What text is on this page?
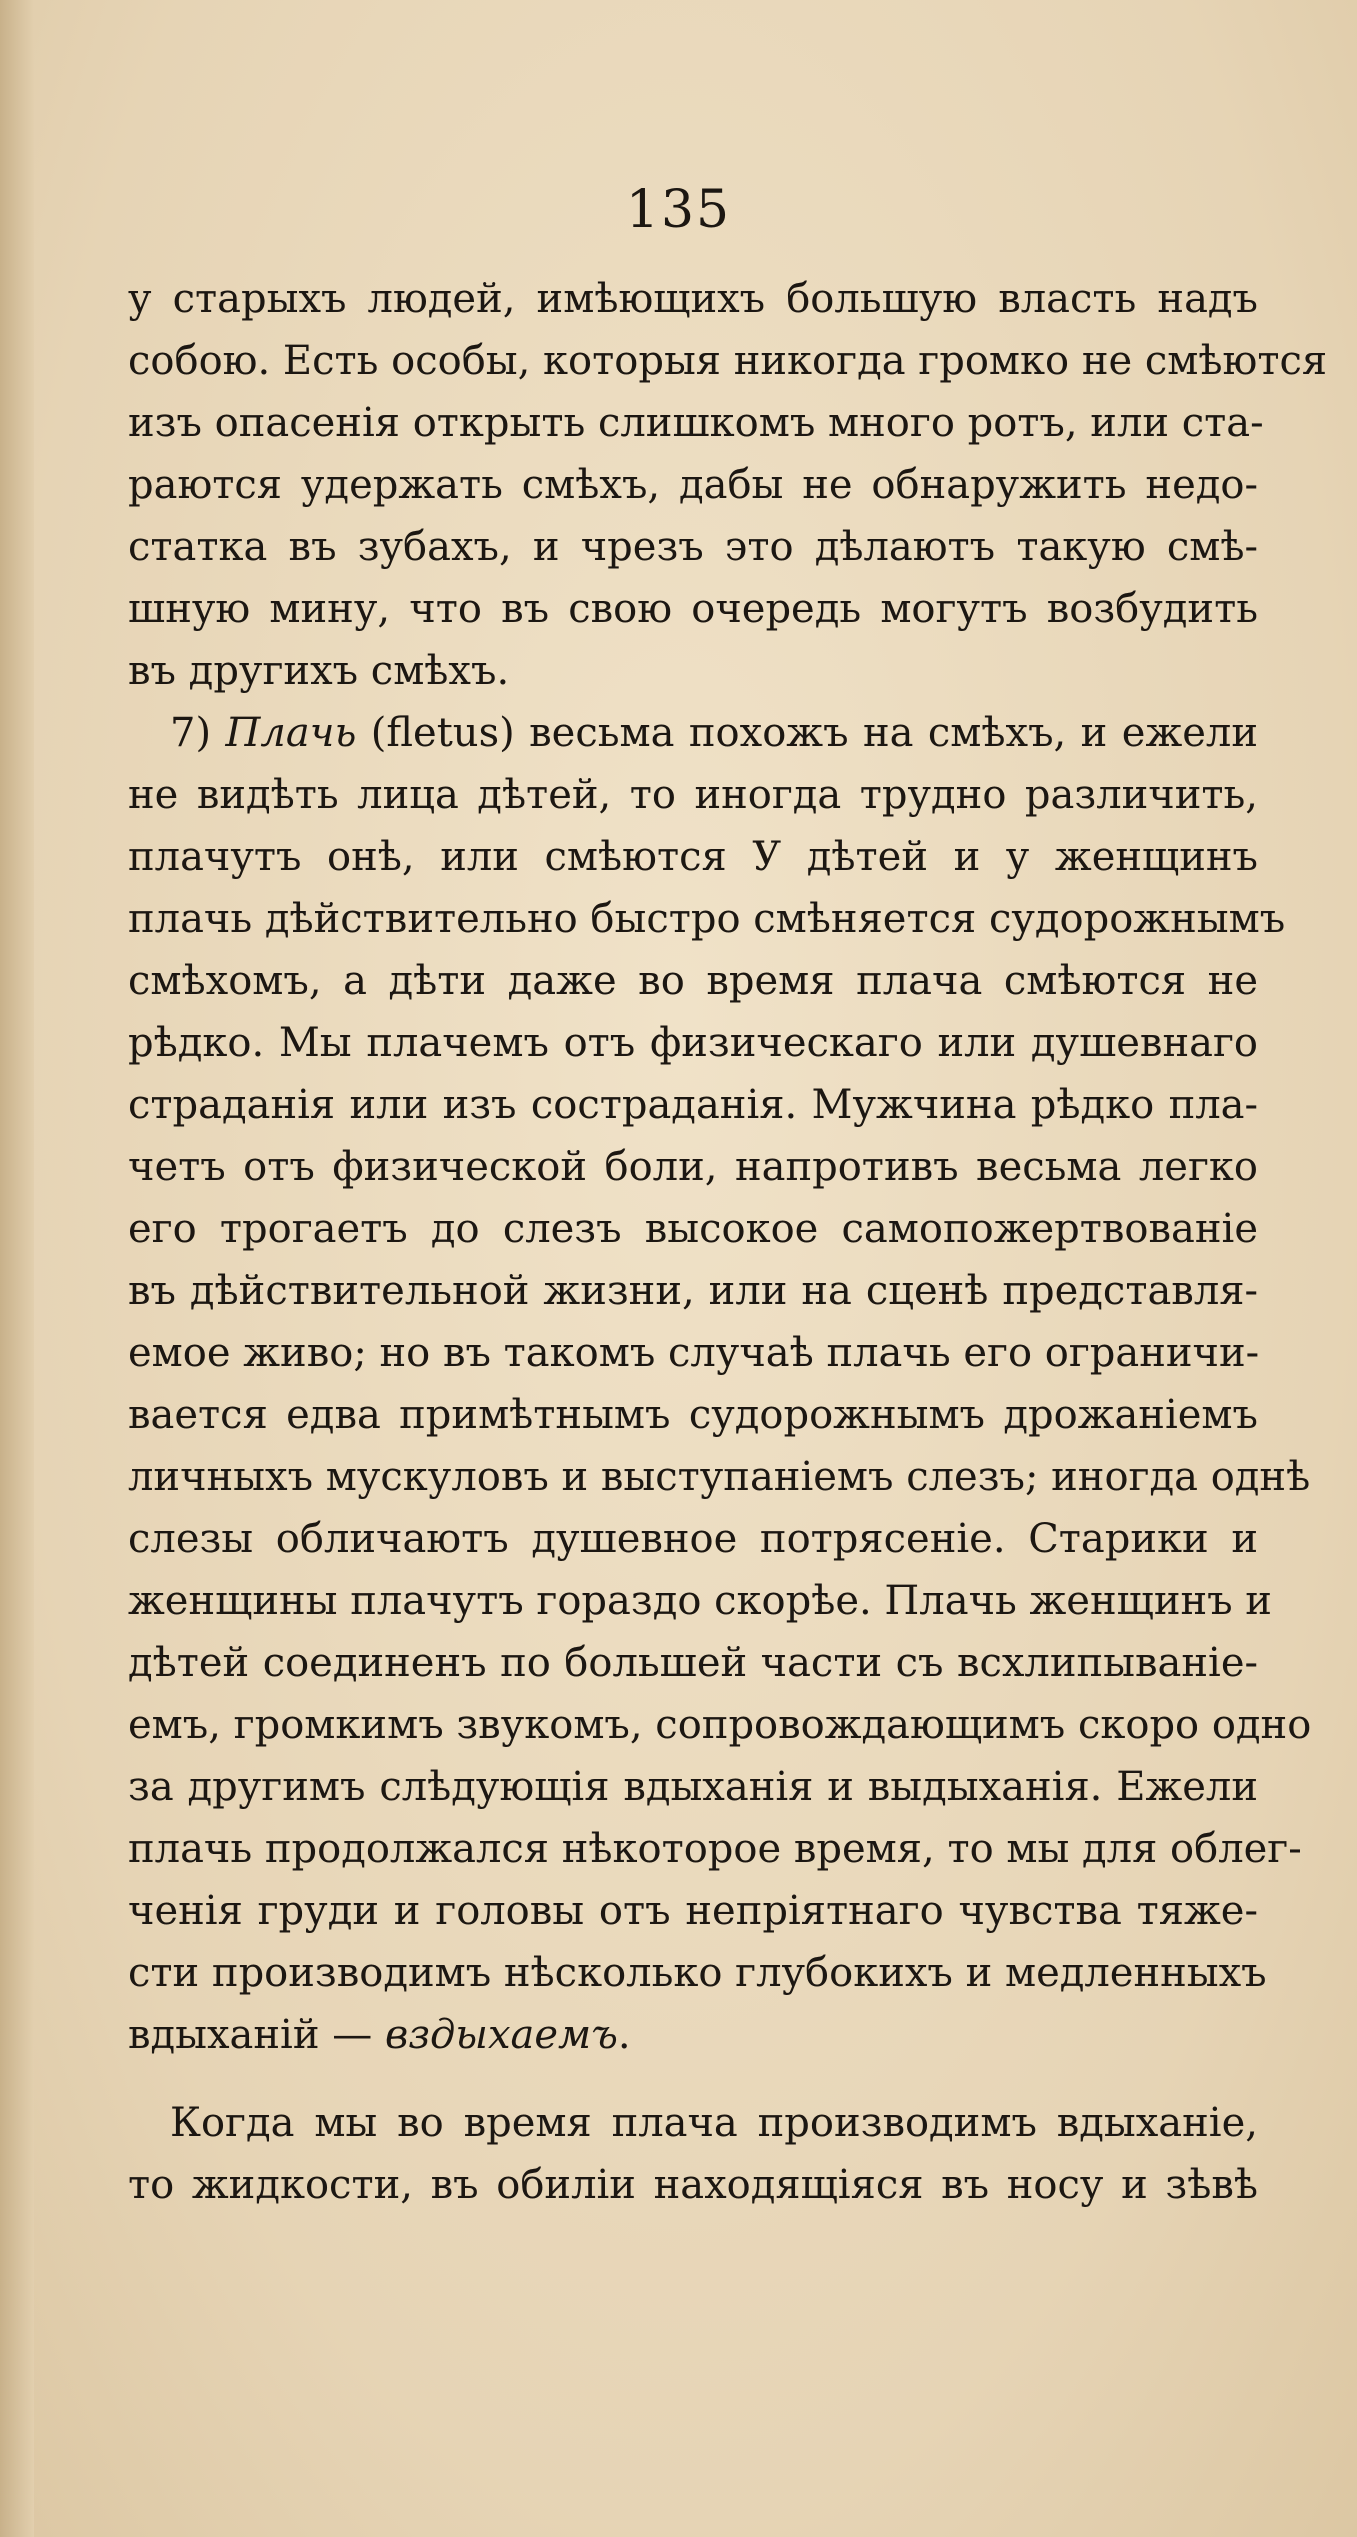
135
у старыхъ людей, имѣющихъ большую власть надъ
собою. Есть особы, которыя никогда громко не смѣются
изъ опасенія открыть слишкомъ много ротъ, или ста-
раются удержать смѣхъ, дабы не обнаружить недо-
статка въ зубахъ, и чрезъ это дѣлаютъ такую смѣ-
шную мину, что въ свою очередь могутъ возбудить
въ другихъ смѣхъ.
7) Плачь (fletus) весьма похожъ на смѣхъ, и ежели
не видѣть лица дѣтей, то иногда трудно различить,
плачутъ онѣ, или смѣются У дѣтей и у женщинъ
плачь дѣйствительно быстро смѣняется судорожнымъ
смѣхомъ, а дѣти даже во время плача смѣются не
рѣдко. Мы плачемъ отъ физическаго или душевнаго
страданія или изъ состраданія. Мужчина рѣдко пла-
четъ отъ физической боли, напротивъ весьма легко
его трогаетъ до слезъ высокое самопожертвованіе
въ дѣйствительной жизни, или на сценѣ представля-
емое живо; но въ такомъ случаѣ плачь его ограничи-
вается едва примѣтнымъ судорожнымъ дрожаніемъ
личныхъ мускуловъ и выступаніемъ слезъ; иногда однѣ
слезы обличаютъ душевное потрясеніе. Старики и
женщины плачутъ гораздо скорѣе. Плачь женщинъ и
дѣтей соединенъ по большей части съ всхлипываніе-
емъ, громкимъ звукомъ, сопровождающимъ скоро одно
за другимъ слѣдующія вдыханія и выдыханія. Ежели
плачь продолжался нѣкоторое время, то мы для облег-
ченія груди и головы отъ непріятнаго чувства тяже-
сти производимъ нѣсколько глубокихъ и медленныхъ
вдыханій — вздыхаемъ.
Когда мы во время плача производимъ вдыханіе,
то жидкости, въ обиліи находящіяся въ носу и зѣвѣ
